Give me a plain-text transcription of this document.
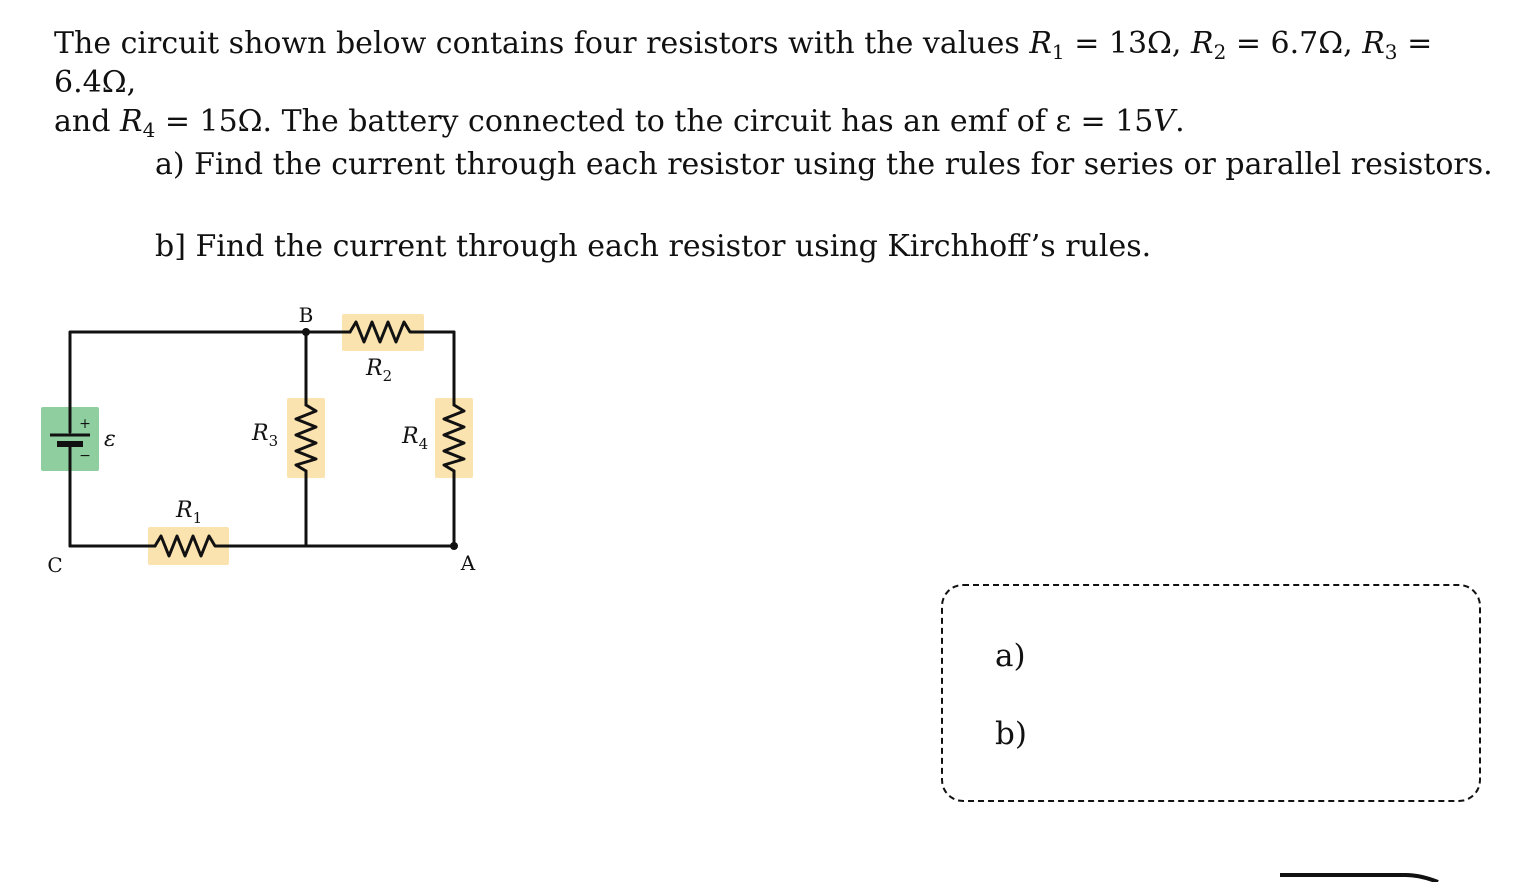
The circuit shown below contains four resistors with the values $R_1 = 13\Omega$, $R_2 = 6.7\Omega$, $R_3 = 6.4\Omega$,
and $R_4 = 15\Omega$. The battery connected to the circuit has an emf of ε = 15V.

a) Find the current through each resistor using the rules for series or parallel resistors.

b] Find the current through each resistor using Kirchhoff’s rules.

+
−
ε
B
A
C
$R_2$
$R_3$	$R_4$
$R_1$
a)
b)
